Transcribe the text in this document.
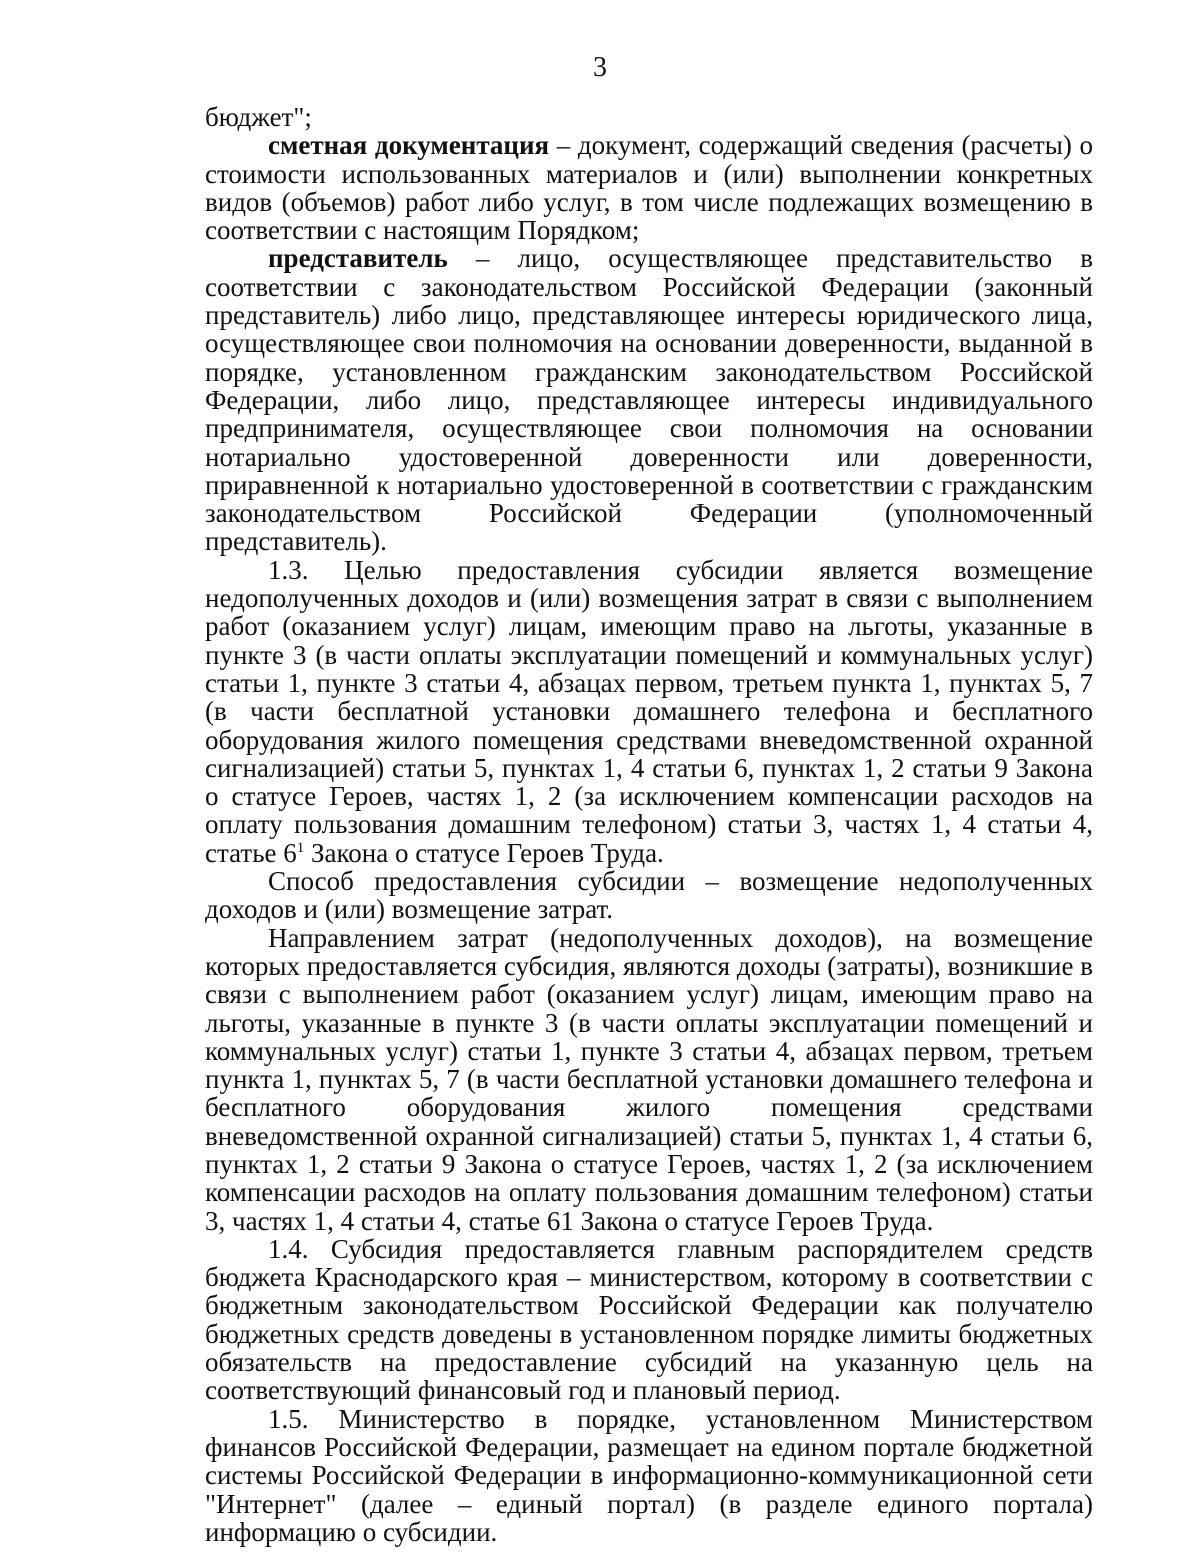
3

бюджет";

сметная документация – документ, содержащий сведения (расчеты) о стоимости использованных материалов и (или) выполнении конкретных видов (объемов) работ либо услуг, в том числе подлежащих возмещению в соответствии с настоящим Порядком;

представитель – лицо, осуществляющее представительство в соответствии с законодательством Российской Федерации (законный представитель) либо лицо, представляющее интересы юридического лица, осуществляющее свои полномочия на основании доверенности, выданной в порядке, установленном гражданским законодательством Российской Федерации, либо лицо, представляющее интересы индивидуального предпринимателя, осуществляющее свои полномочия на основании нотариально удостоверенной доверенности или доверенности, приравненной к нотариально удостоверенной в соответствии с гражданским законодательством Российской Федерации (уполномоченный представитель).

1.3. Целью предоставления субсидии является возмещение недополученных доходов и (или) возмещения затрат в связи с выполнением работ (оказанием услуг) лицам, имеющим право на льготы, указанные в пункте 3 (в части оплаты эксплуатации помещений и коммунальных услуг) статьи 1, пункте 3 статьи 4, абзацах первом, третьем пункта 1, пунктах 5, 7 (в части бесплатной установки домашнего телефона и бесплатного оборудования жилого помещения средствами вневедомственной охранной сигнализацией) статьи 5, пунктах 1, 4 статьи 6, пунктах 1, 2 статьи 9 Закона о статусе Героев, частях 1, 2 (за исключением компенсации расходов на оплату пользования домашним телефоном) статьи 3, частях 1, 4 статьи 4, статье $6^1$ Закона о статусе Героев Труда.

Способ предоставления субсидии – возмещение недополученных доходов и (или) возмещение затрат.

Направлением затрат (недополученных доходов), на возмещение которых предоставляется субсидия, являются доходы (затраты), возникшие в связи с выполнением работ (оказанием услуг) лицам, имеющим право на льготы, указанные в пункте 3 (в части оплаты эксплуатации помещений и коммунальных услуг) статьи 1, пункте 3 статьи 4, абзацах первом, третьем пункта 1, пунктах 5, 7 (в части бесплатной установки домашнего телефона и бесплатного оборудования жилого помещения средствами вневедомственной охранной сигнализацией) статьи 5, пунктах 1, 4 статьи 6, пунктах 1, 2 статьи 9 Закона о статусе Героев, частях 1, 2 (за исключением компенсации расходов на оплату пользования домашним телефоном) статьи 3, частях 1, 4 статьи 4, статье 61 Закона о статусе Героев Труда.

1.4. Субсидия предоставляется главным распорядителем средств бюджета Краснодарского края – министерством, которому в соответствии с бюджетным законодательством Российской Федерации как получателю бюджетных средств доведены в установленном порядке лимиты бюджетных обязательств на предоставление субсидий на указанную цель на соответствующий финансовый год и плановый период.

1.5. Министерство в порядке, установленном Министерством финансов Российской Федерации, размещает на едином портале бюджетной системы Российской Федерации в информационно-коммуникационной сети "Интернет" (далее – единый портал) (в разделе единого портала) информацию о субсидии.
